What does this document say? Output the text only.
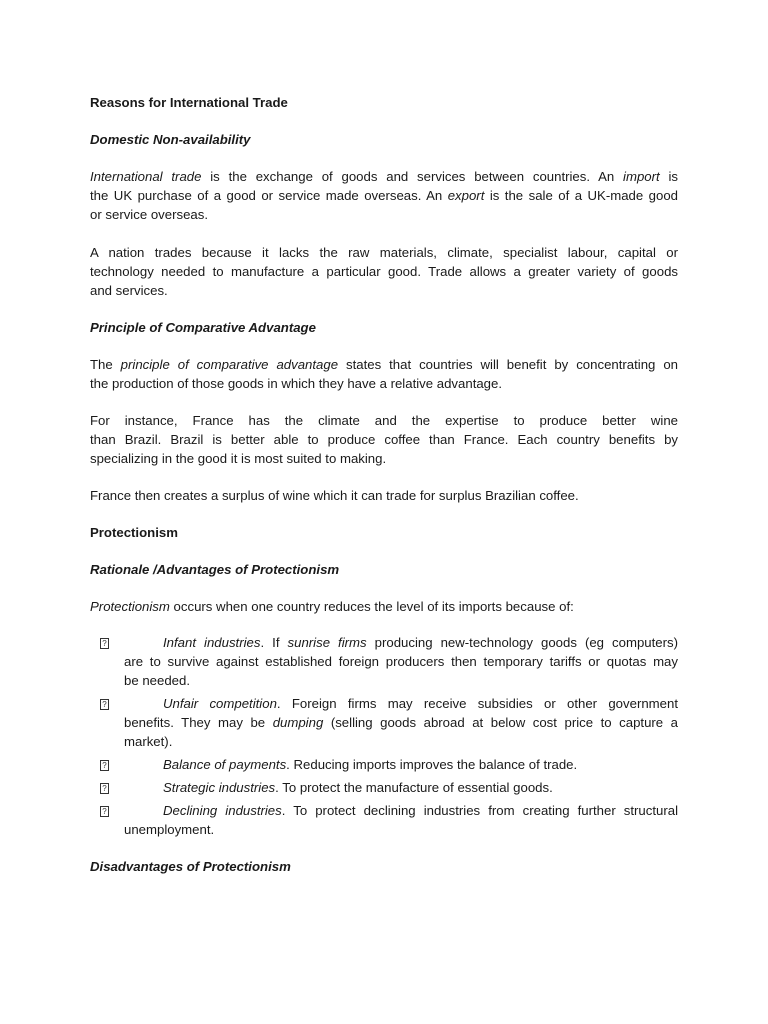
Reasons for International Trade
Domestic Non-availability
International trade is the exchange of goods and services between countries. An import is
the UK purchase of a good or service made overseas. An export is the sale of a UK-made good
or service overseas.
A nation trades because it lacks the raw materials, climate, specialist labour, capital or
technology needed to manufacture a particular good. Trade allows a greater variety of goods
and services.
Principle of Comparative Advantage
The principle of comparative advantage states that countries will benefit by concentrating on
the production of those goods in which they have a relative advantage.
For instance, France has the climate and the expertise to produce better wine
than Brazil. Brazil is better able to produce coffee than France. Each country benefits by
specializing in the good it is most suited to making.
France then creates a surplus of wine which it can trade for surplus Brazilian coffee.
Protectionism
Rationale /Advantages of Protectionism
Protectionism occurs when one country reduces the level of its imports because of:
?	Infant industries. If sunrise firms producing new-technology goods (eg computers)
are to survive against established foreign producers then temporary tariffs or quotas may
be needed.
?	Unfair competition. Foreign firms may receive subsidies or other government
benefits. They may be dumping (selling goods abroad at below cost price to capture a
market).
?	Balance of payments. Reducing imports improves the balance of trade.
?	Strategic industries. To protect the manufacture of essential goods.
?	Declining industries. To protect declining industries from creating further structural
unemployment.
Disadvantages of Protectionism
